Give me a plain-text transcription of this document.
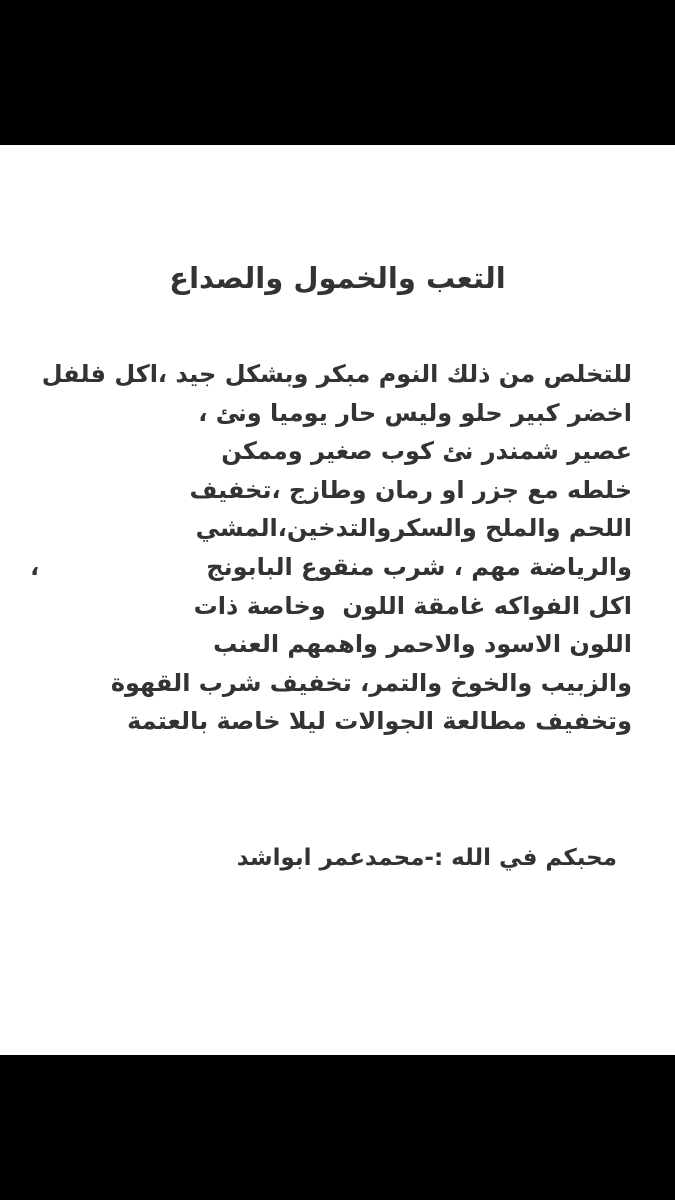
التعب والخمول والصداع
للتخلص من ذلك النوم مبكر وبشكل جيد ،اكل فلفل
اخضر كبير حلو وليس حار يوميا ونئ ،
عصير شمندر نئ كوب صغير وممكن
خلطه مع جزر او رمان وطازج ،تخفيف
اللحم والملح والسكروالتدخين،المشي
والرياضة مهم ، شرب منقوع البابونج                    ،
اكل الفواكه غامقة اللون  وخاصة ذات
اللون الاسود والاحمر واهمهم العنب
والزبيب والخوخ والتمر، تخفيف شرب القهوة
وتخفيف مطالعة الجوالات ليلا خاصة بالعتمة
محبكم في الله :-محمدعمر ابواشد
